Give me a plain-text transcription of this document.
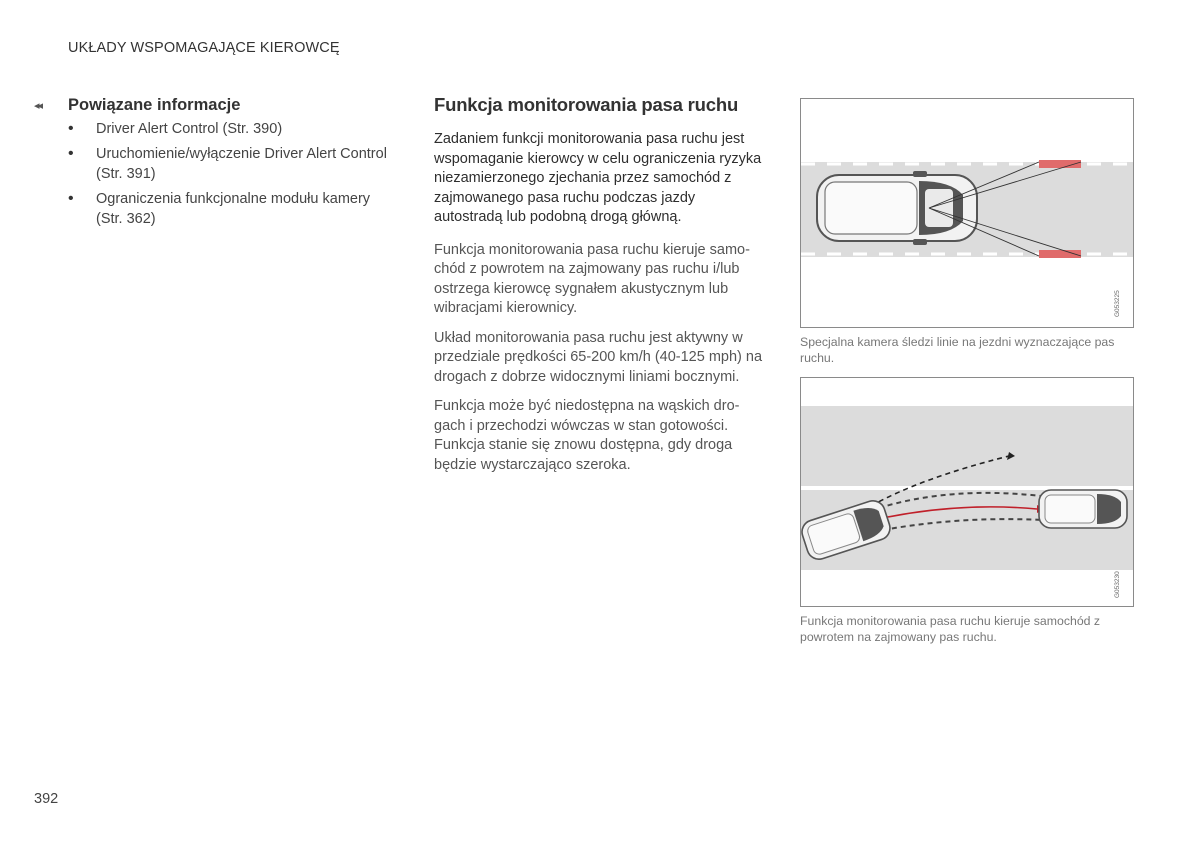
UKŁADY WSPOMAGAJĄCE KIEROWCĘ
◂◂ Powiązane informacje
• Driver Alert Control (Str. 390)
• Uruchomienie/wyłączenie Driver Alert Control (Str. 391)
• Ograniczenia funkcjonalne modułu kamery (Str. 362)
Funkcja monitorowania pasa ruchu

Zadaniem funkcji monitorowania pasa ruchu jest wspomaganie kierowcy w celu ograniczenia ryzyka niezamierzonego zjechania przez samochód z zajmowanego pasa ruchu podczas jazdy autostradą lub podobną drogą główną.

Funkcja monitorowania pasa ruchu kieruje samochód z powrotem na zajmowany pas ruchu i/lub ostrzega kierowcę sygnałem akustycznym lub wibracjami kierownicy.

Układ monitorowania pasa ruchu jest aktywny w przedziale prędkości 65-200 km/h (40-125 mph) na drogach z dobrze widocznymi liniami bocznymi.

Funkcja może być niedostępna na wąskich drogach i przechodzi wówczas w stan gotowości. Funkcja stanie się znowu dostępna, gdy droga będzie wystarczająco szeroka.

G053225
Specjalna kamera śledzi linie na jezdni wyznaczające pas ruchu.
G053230
Funkcja monitorowania pasa ruchu kieruje samochód z powrotem na zajmowany pas ruchu.
392
